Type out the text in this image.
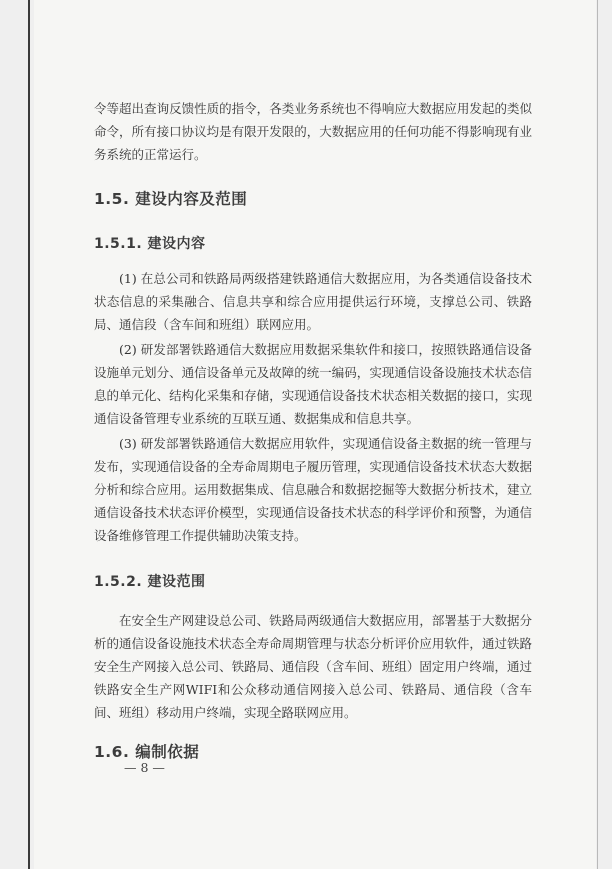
令等超出查询反馈性质的指令，各类业务系统也不得响应大数据应用发起的类似命令，所有接口协议均是有限开发限的，大数据应用的任何功能不得影响现有业务系统的正常运行。

1.5. 建设内容及范围
1.5.1. 建设内容

(1) 在总公司和铁路局两级搭建铁路通信大数据应用，为各类通信设备技术状态信息的采集融合、信息共享和综合应用提供运行环境，支撑总公司、铁路局、通信段（含车间和班组）联网应用。

(2) 研发部署铁路通信大数据应用数据采集软件和接口，按照铁路通信设备设施单元划分、通信设备单元及故障的统一编码，实现通信设备设施技术状态信息的单元化、结构化采集和存储，实现通信设备技术状态相关数据的接口，实现通信设备管理专业系统的互联互通、数据集成和信息共享。

(3) 研发部署铁路通信大数据应用软件，实现通信设备主数据的统一管理与发布，实现通信设备的全寿命周期电子履历管理，实现通信设备技术状态大数据分析和综合应用。运用数据集成、信息融合和数据挖掘等大数据分析技术，建立通信设备技术状态评价模型，实现通信设备技术状态的科学评价和预警，为通信设备维修管理工作提供辅助决策支持。

1.5.2. 建设范围

在安全生产网建设总公司、铁路局两级通信大数据应用，部署基于大数据分析的通信设备设施技术状态全寿命周期管理与状态分析评价应用软件，通过铁路安全生产网接入总公司、铁路局、通信段（含车间、班组）固定用户终端，通过铁路安全生产网WIFI和公众移动通信网接入总公司、铁路局、通信段（含车间、班组）移动用户终端，实现全路联网应用。

1.6. 编制依据
— 8 —
